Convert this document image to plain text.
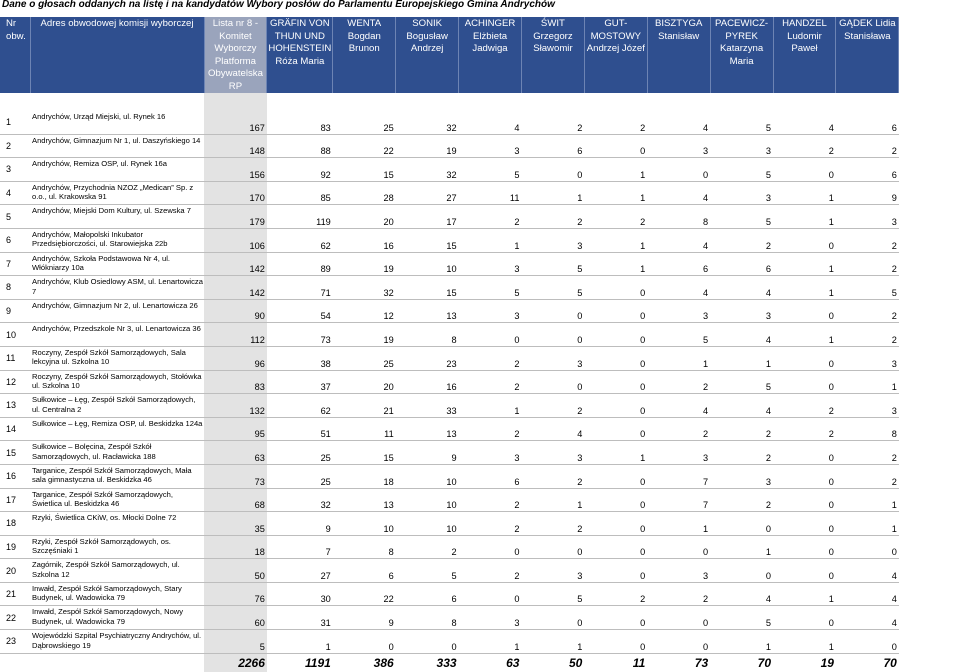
Dane o głosach oddanych na listę i na kandydatów Wybory posłów do Parlamentu Europejskiego Gmina Andrychów
Nr obw.	Adres obwodowej komisji wyborczej	Lista nr 8 - Komitet Wyborczy Platforma Obywatelska RP	GRÄFIN VON THUN UND HOHENSTEIN Róża Maria	WENTA Bogdan Brunon	SONIK Bogusław Andrzej	ACHINGER Elżbieta Jadwiga	ŚWIT Grzegorz Sławomir	GUT-MOSTOWY Andrzej Józef	BISZTYGA Stanisław	PACEWICZ-PYREK Katarzyna Maria	HANDZEL Ludomir Paweł	GĄDEK Lidia Stanisława

1	Andrychów, Urząd Miejski, ul. Rynek 16	167	83	25	32	4	2	2	4	5	4	6
2	Andrychów, Gimnazjum Nr 1, ul. Daszyńskiego 14	148	88	22	19	3	6	0	3	3	2	2
3	Andrychów, Remiza OSP, ul. Rynek 16a	156	92	15	32	5	0	1	0	5	0	6
4	Andrychów, Przychodnia NZOZ „Medican” Sp. z o.o., ul. Krakowska 91	170	85	28	27	11	1	1	4	3	1	9
5	Andrychów, Miejski Dom Kultury, ul. Szewska 7	179	119	20	17	2	2	2	8	5	1	3
6	Andrychów, Małopolski Inkubator Przedsiębiorczości, ul. Starowiejska 22b	106	62	16	15	1	3	1	4	2	0	2
7	Andrychów, Szkoła Podstawowa Nr 4, ul. Włókniarzy 10a	142	89	19	10	3	5	1	6	6	1	2
8	Andrychów, Klub Osiedlowy ASM, ul. Lenartowicza 7	142	71	32	15	5	5	0	4	4	1	5
9	Andrychów, Gimnazjum Nr 2, ul. Lenartowicza 26	90	54	12	13	3	0	0	3	3	0	2
10	Andrychów, Przedszkole Nr 3, ul. Lenartowicza 36	112	73	19	8	0	0	0	5	4	1	2
11	Roczyny, Zespół Szkół Samorządowych, Sala lekcyjna ul. Szkolna 10	96	38	25	23	2	3	0	1	1	0	3
12	Roczyny, Zespół Szkół Samorządowych, Stołówka ul. Szkolna 10	83	37	20	16	2	0	0	2	5	0	1
13	Sułkowice – Łęg, Zespół Szkół Samorządowych, ul. Centralna 2	132	62	21	33	1	2	0	4	4	2	3
14	Sułkowice – Łęg, Remiza OSP, ul. Beskidzka 124a	95	51	11	13	2	4	0	2	2	2	8
15	Sułkowice – Bolęcina, Zespół Szkół Samorządowych, ul. Racławicka 188	63	25	15	9	3	3	1	3	2	0	2
16	Targanice, Zespół Szkół Samorządowych, Mała sala gimnastyczna ul. Beskidzka 46	73	25	18	10	6	2	0	7	3	0	2
17	Targanice, Zespół Szkół Samorządowych, Świetlica ul. Beskidzka 46	68	32	13	10	2	1	0	7	2	0	1
18	Rzyki, Świetlica CKiW, os. Młocki Dolne 72	35	9	10	10	2	2	0	1	0	0	1
19	Rzyki, Zespół Szkół Samorządowych, os. Szczęśniaki 1	18	7	8	2	0	0	0	0	1	0	0
20	Zagórnik, Zespół Szkół Samorządowych, ul. Szkolna 12	50	27	6	5	2	3	0	3	0	0	4
21	Inwałd, Zespół Szkół Samorządowych, Stary Budynek, ul. Wadowicka 79	76	30	22	6	0	5	2	2	4	1	4
22	Inwałd, Zespół Szkół Samorządowych, Nowy Budynek, ul. Wadowicka 79	60	31	9	8	3	0	0	0	5	0	4
23	Wojewódzki Szpital Psychiatryczny Andrychów, ul. Dąbrowskiego 19	5	1	0	0	1	1	0	0	1	1	0
		2266	1191	386	333	63	50	11	73	70	19	70
